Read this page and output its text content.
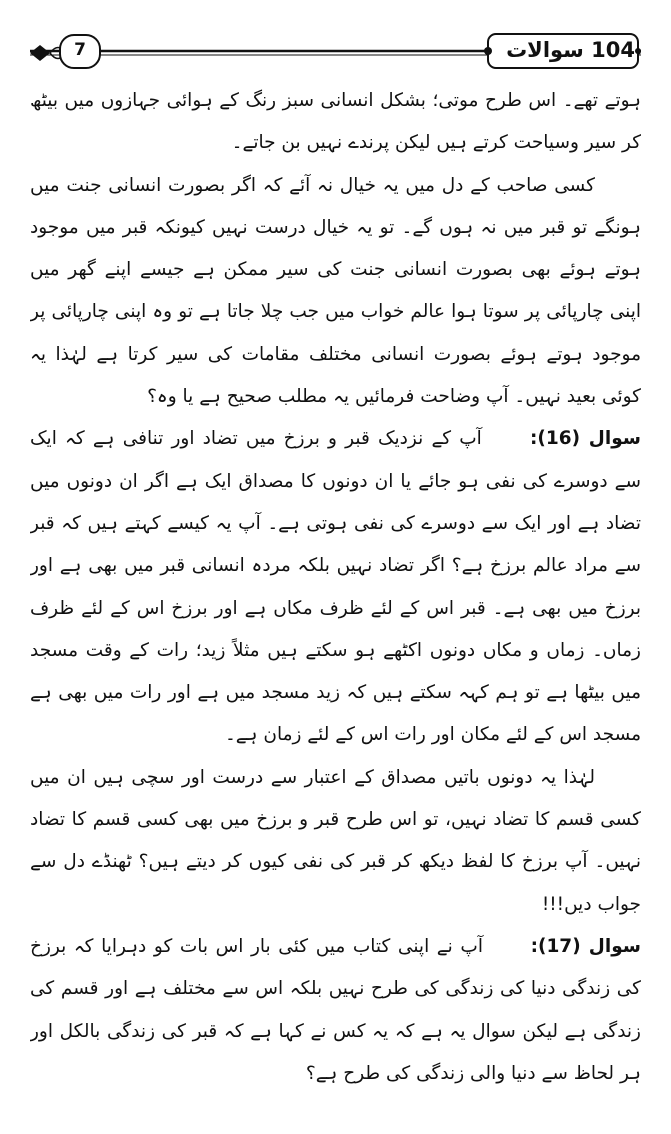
7	104 سوالات

ہوتے تھے۔ اس طرح موتی؛ بشکل انسانی سبز رنگ کے ہوائی جہازوں میں بیٹھ کر سیر وسیاحت کرتے ہیں لیکن پرندے نہیں بن جاتے۔

کسی صاحب کے دل میں یہ خیال نہ آئے کہ اگر بصورت انسانی جنت میں ہونگے تو قبر میں نہ ہوں گے۔ تو یہ خیال درست نہیں کیونکہ قبر میں موجود ہوتے ہوئے بھی بصورت انسانی جنت کی سیر ممکن ہے جیسے اپنے گھر میں اپنی چارپائی پر سوتا ہوا عالم خواب میں جب چلا جاتا ہے تو وہ اپنی چارپائی پر موجود ہوتے ہوئے بصورت انسانی مختلف مقامات کی سیر کرتا ہے لہٰذا یہ کوئی بعید نہیں۔ آپ وضاحت فرمائیں یہ مطلب صحیح ہے یا وہ؟

سوال (16): آپ کے نزدیک قبر و برزخ میں تضاد اور تنافی ہے کہ ایک سے دوسرے کی نفی ہو جائے یا ان دونوں کا مصداق ایک ہے اگر ان دونوں میں تضاد ہے اور ایک سے دوسرے کی نفی ہوتی ہے۔ آپ یہ کیسے کہتے ہیں کہ قبر سے مراد عالم برزخ ہے؟ اگر تضاد نہیں بلکہ مردہ انسانی قبر میں بھی ہے اور برزخ میں بھی ہے۔ قبر اس کے لئے ظرف مکاں ہے اور برزخ اس کے لئے ظرف زماں۔ زماں و مکاں دونوں اکٹھے ہو سکتے ہیں مثلاً زید؛ رات کے وقت مسجد میں بیٹھا ہے تو ہم کہہ سکتے ہیں کہ زید مسجد میں ہے اور رات میں بھی ہے مسجد اس کے لئے مکان اور رات اس کے لئے زمان ہے۔

لہٰذا یہ دونوں باتیں مصداق کے اعتبار سے درست اور سچی ہیں ان میں کسی قسم کا تضاد نہیں، تو اس طرح قبر و برزخ میں بھی کسی قسم کا تضاد نہیں۔ آپ برزخ کا لفظ دیکھ کر قبر کی نفی کیوں کر دیتے ہیں؟ ٹھنڈے دل سے جواب دیں!!!

سوال (17): آپ نے اپنی کتاب میں کئی بار اس بات کو دہرایا کہ برزخ کی زندگی دنیا کی زندگی کی طرح نہیں بلکہ اس سے مختلف ہے اور قسم کی زندگی ہے لیکن سوال یہ ہے کہ یہ کس نے کہا ہے کہ قبر کی زندگی بالکل اور ہر لحاظ سے دنیا والی زندگی کی طرح ہے؟
